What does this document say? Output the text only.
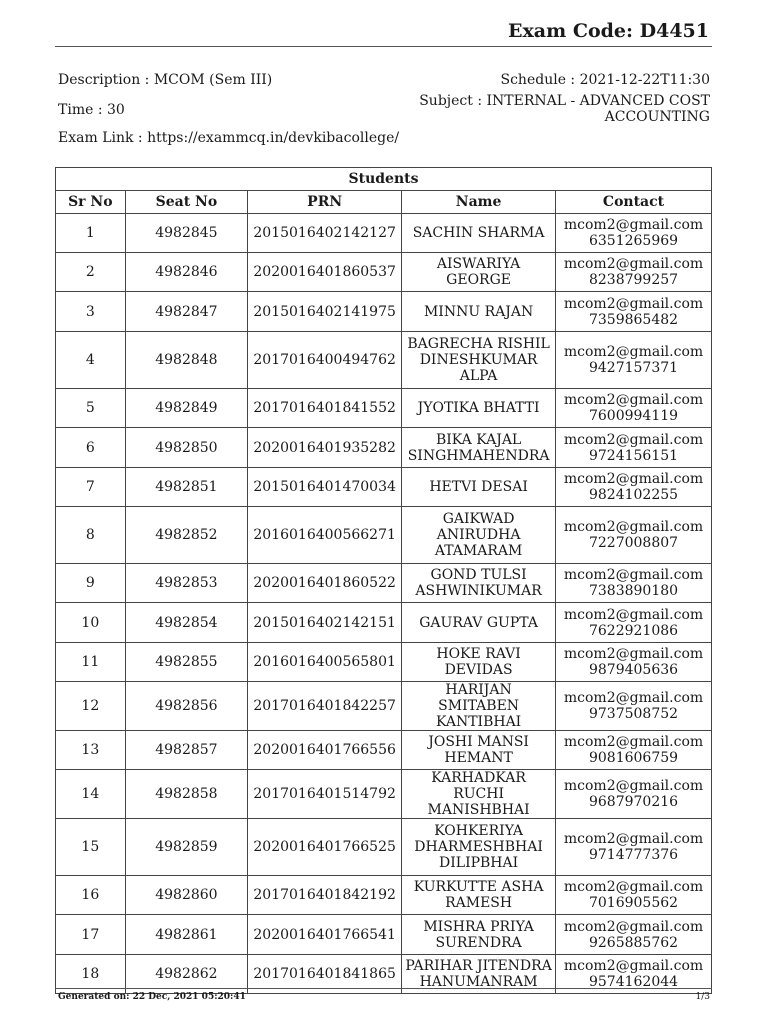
Exam Code: D4451
Description : MCOM (Sem III)
Time : 30
Exam Link : https://exammcq.in/devkibacollege/
Schedule : 2021-12-22T11:30
Subject : INTERNAL - ADVANCED COST ACCOUNTING
Students				
Sr No	Seat No	PRN	Name	Contact
1	4982845	2015016402142127	SACHIN SHARMA	mcom2@gmail.com
6351265969

2	4982846	2020016401860537	AISWARIYA GEORGE	mcom2@gmail.com
8238799257

3	4982847	2015016402141975	MINNU RAJAN	mcom2@gmail.com
7359865482

4	4982848	2017016400494762	BAGRECHA RISHIL DINESHKUMAR ALPA	mcom2@gmail.com
9427157371

5	4982849	2017016401841552	JYOTIKA BHATTI	mcom2@gmail.com
7600994119

6	4982850	2020016401935282	BIKA KAJAL SINGHMAHENDRA	mcom2@gmail.com
9724156151

7	4982851	2015016401470034	HETVI DESAI	mcom2@gmail.com
9824102255

8	4982852	2016016400566271	GAIKWAD ANIRUDHA ATAMARAM	mcom2@gmail.com
7227008807

9	4982853	2020016401860522	GOND TULSI ASHWINIKUMAR	mcom2@gmail.com
7383890180

10	4982854	2015016402142151	GAURAV GUPTA	mcom2@gmail.com
7622921086

11	4982855	2016016400565801	HOKE RAVI DEVIDAS	mcom2@gmail.com
9879405636

12	4982856	2017016401842257	HARIJAN SMITABEN KANTIBHAI	mcom2@gmail.com
9737508752

13	4982857	2020016401766556	JOSHI MANSI HEMANT	mcom2@gmail.com
9081606759

14	4982858	2017016401514792	KARHADKAR RUCHI MANISHBHAI	mcom2@gmail.com
9687970216

15	4982859	2020016401766525	KOHKERIYA DHARMESHBHAI DILIPBHAI	mcom2@gmail.com
9714777376

16	4982860	2017016401842192	KURKUTTE ASHA RAMESH	mcom2@gmail.com
7016905562

17	4982861	2020016401766541	MISHRA PRIYA SURENDRA	mcom2@gmail.com
9265885762

18	4982862	2017016401841865	PARIHAR JITENDRA HANUMANRAM	mcom2@gmail.com
9574162044
Generated on: 22 Dec, 2021 05:20:41	1/3
